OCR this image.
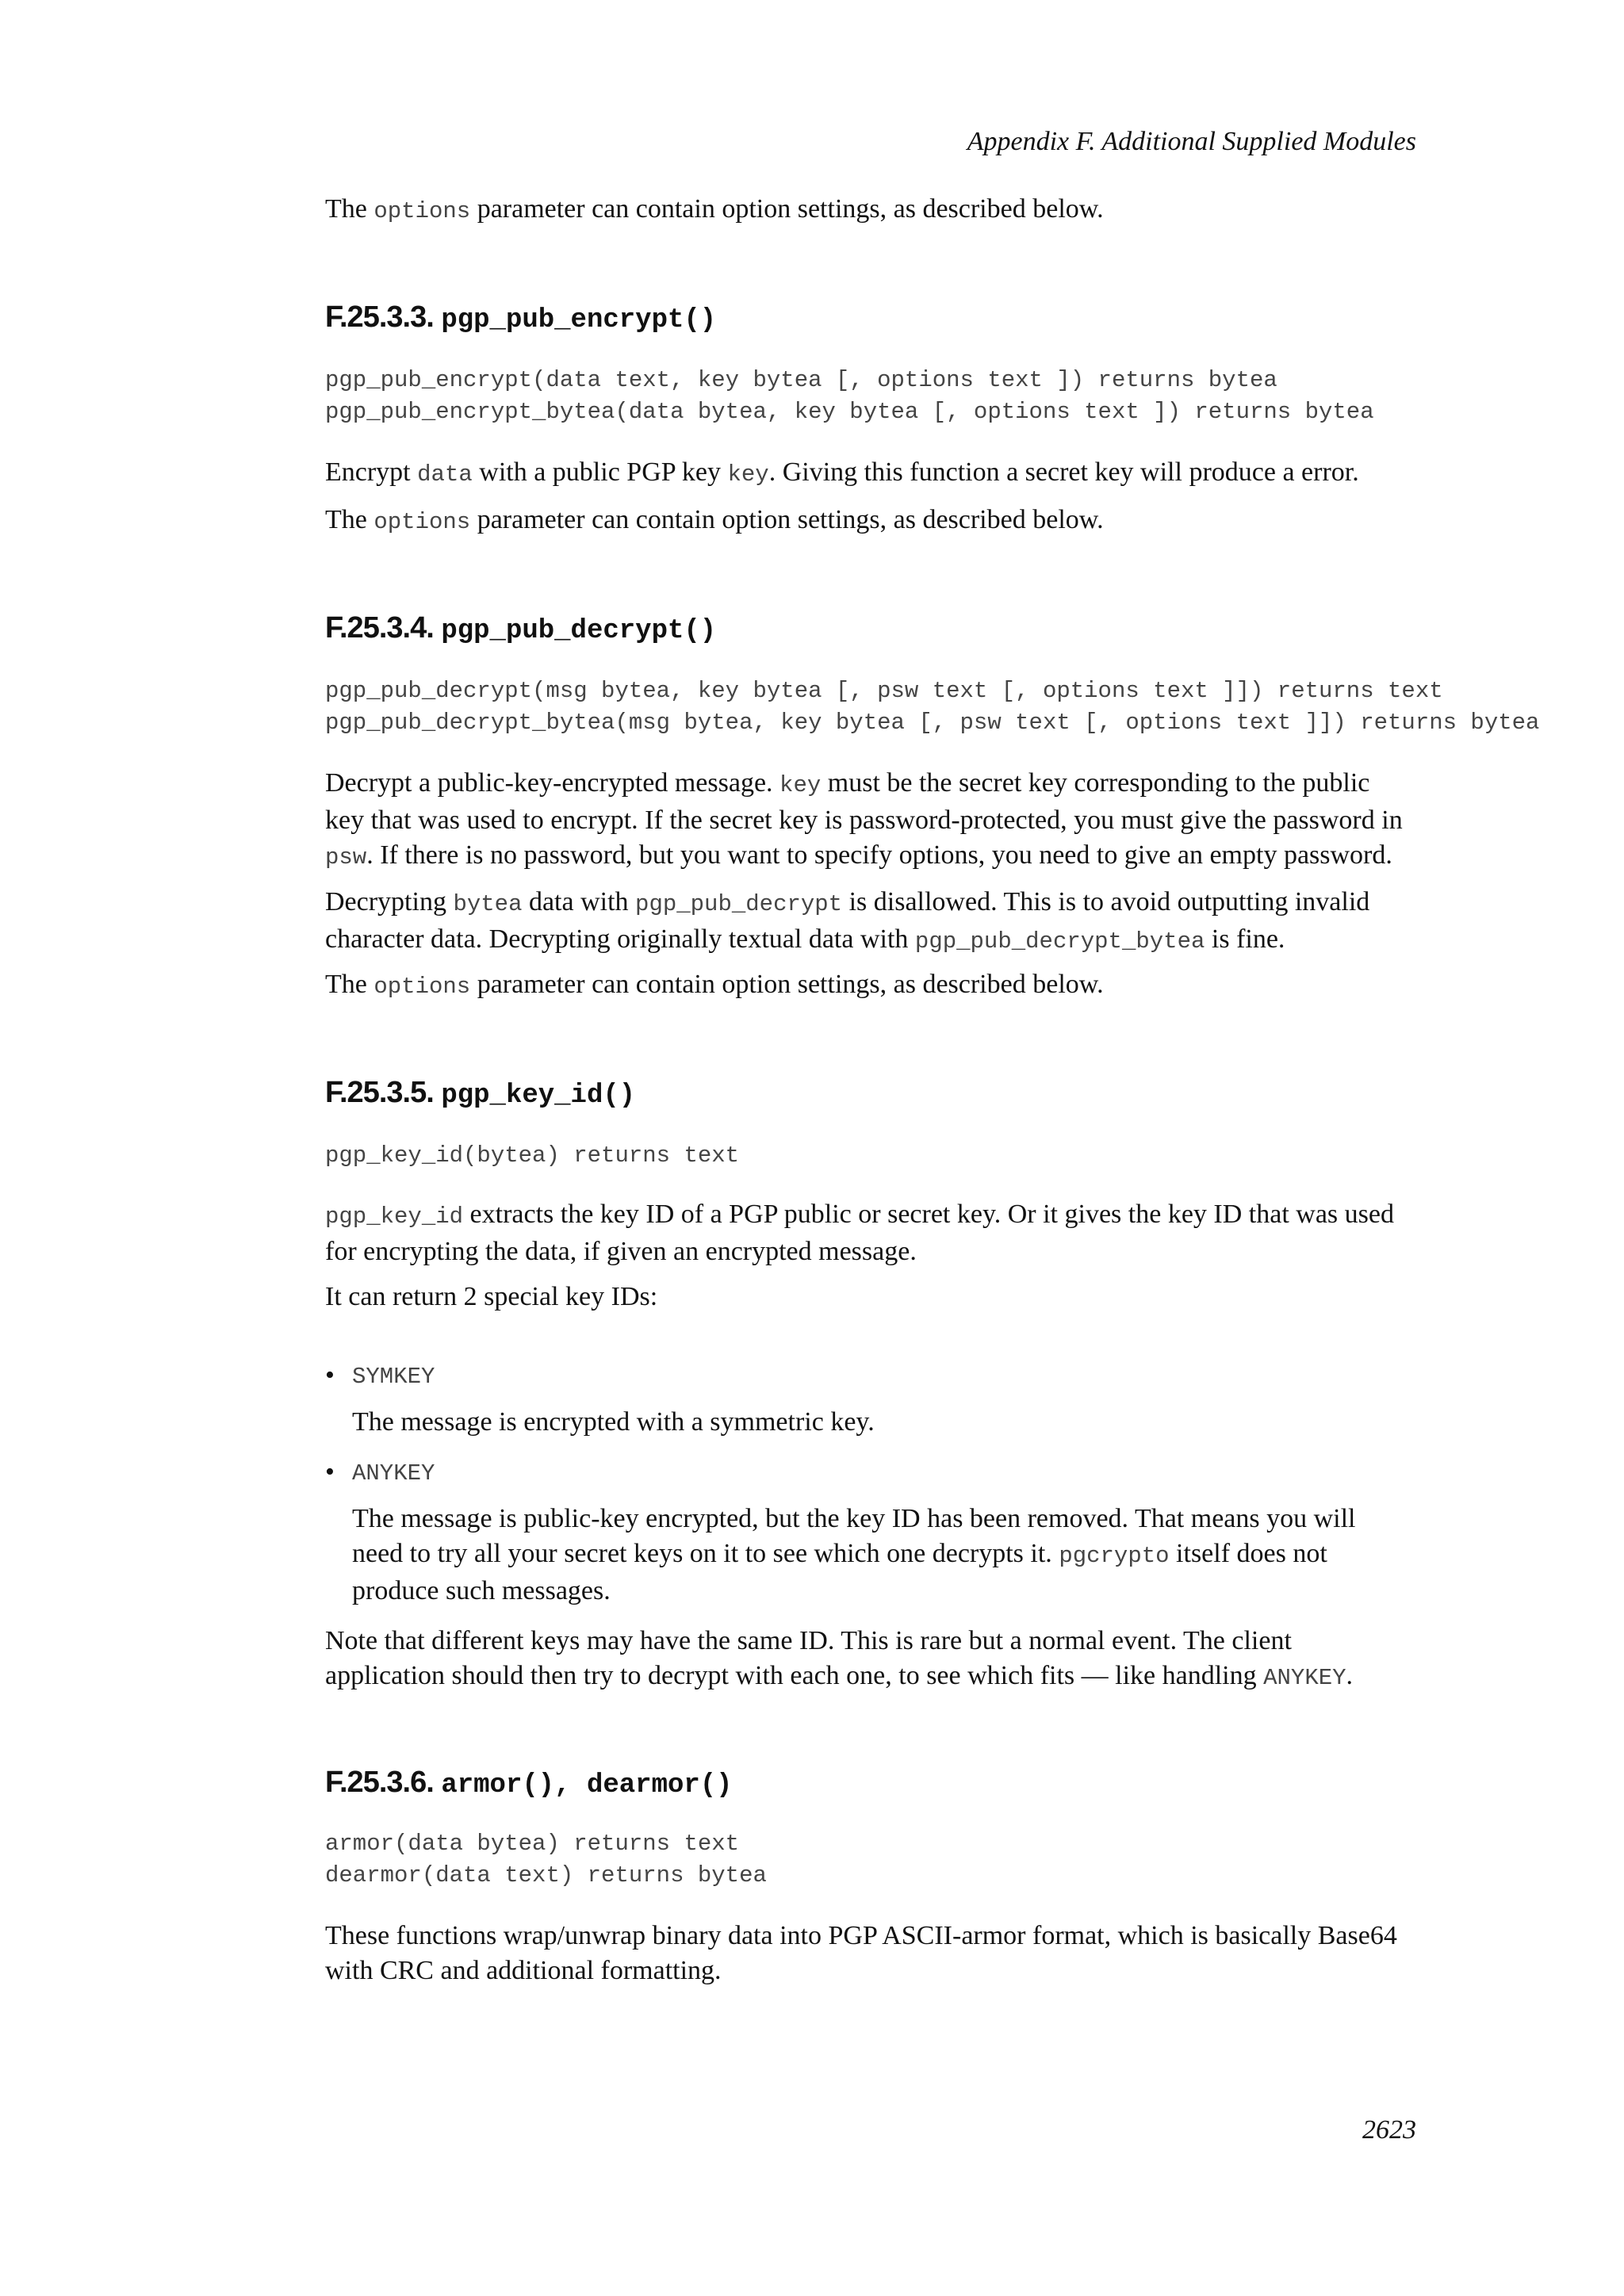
Appendix F. Additional Supplied Modules

The options parameter can contain option settings, as described below.

F.25.3.3. pgp_pub_encrypt()
pgp_pub_encrypt(data text, key bytea [, options text ]) returns bytea
pgp_pub_encrypt_bytea(data bytea, key bytea [, options text ]) returns bytea

Encrypt data with a public PGP key key. Giving this function a secret key will produce a error.

The options parameter can contain option settings, as described below.

F.25.3.4. pgp_pub_decrypt()
pgp_pub_decrypt(msg bytea, key bytea [, psw text [, options text ]]) returns text
pgp_pub_decrypt_bytea(msg bytea, key bytea [, psw text [, options text ]]) returns bytea

Decrypt a public-key-encrypted message. key must be the secret key corresponding to the public key that was used to encrypt. If the secret key is password-protected, you must give the password in psw. If there is no password, but you want to specify options, you need to give an empty password.

Decrypting bytea data with pgp_pub_decrypt is disallowed. This is to avoid outputting invalid character data. Decrypting originally textual data with pgp_pub_decrypt_bytea is fine.

The options parameter can contain option settings, as described below.

F.25.3.5. pgp_key_id()
pgp_key_id(bytea) returns text

pgp_key_id extracts the key ID of a PGP public or secret key. Or it gives the key ID that was used for encrypting the data, if given an encrypted message.

It can return 2 special key IDs:

• SYMKEY

The message is encrypted with a symmetric key.

• ANYKEY

The message is public-key encrypted, but the key ID has been removed. That means you will need to try all your secret keys on it to see which one decrypts it. pgcrypto itself does not produce such messages.

Note that different keys may have the same ID. This is rare but a normal event. The client application should then try to decrypt with each one, to see which fits — like handling ANYKEY.

F.25.3.6. armor(), dearmor()
armor(data bytea) returns text
dearmor(data text) returns bytea

These functions wrap/unwrap binary data into PGP ASCII-armor format, which is basically Base64 with CRC and additional formatting.

2623
